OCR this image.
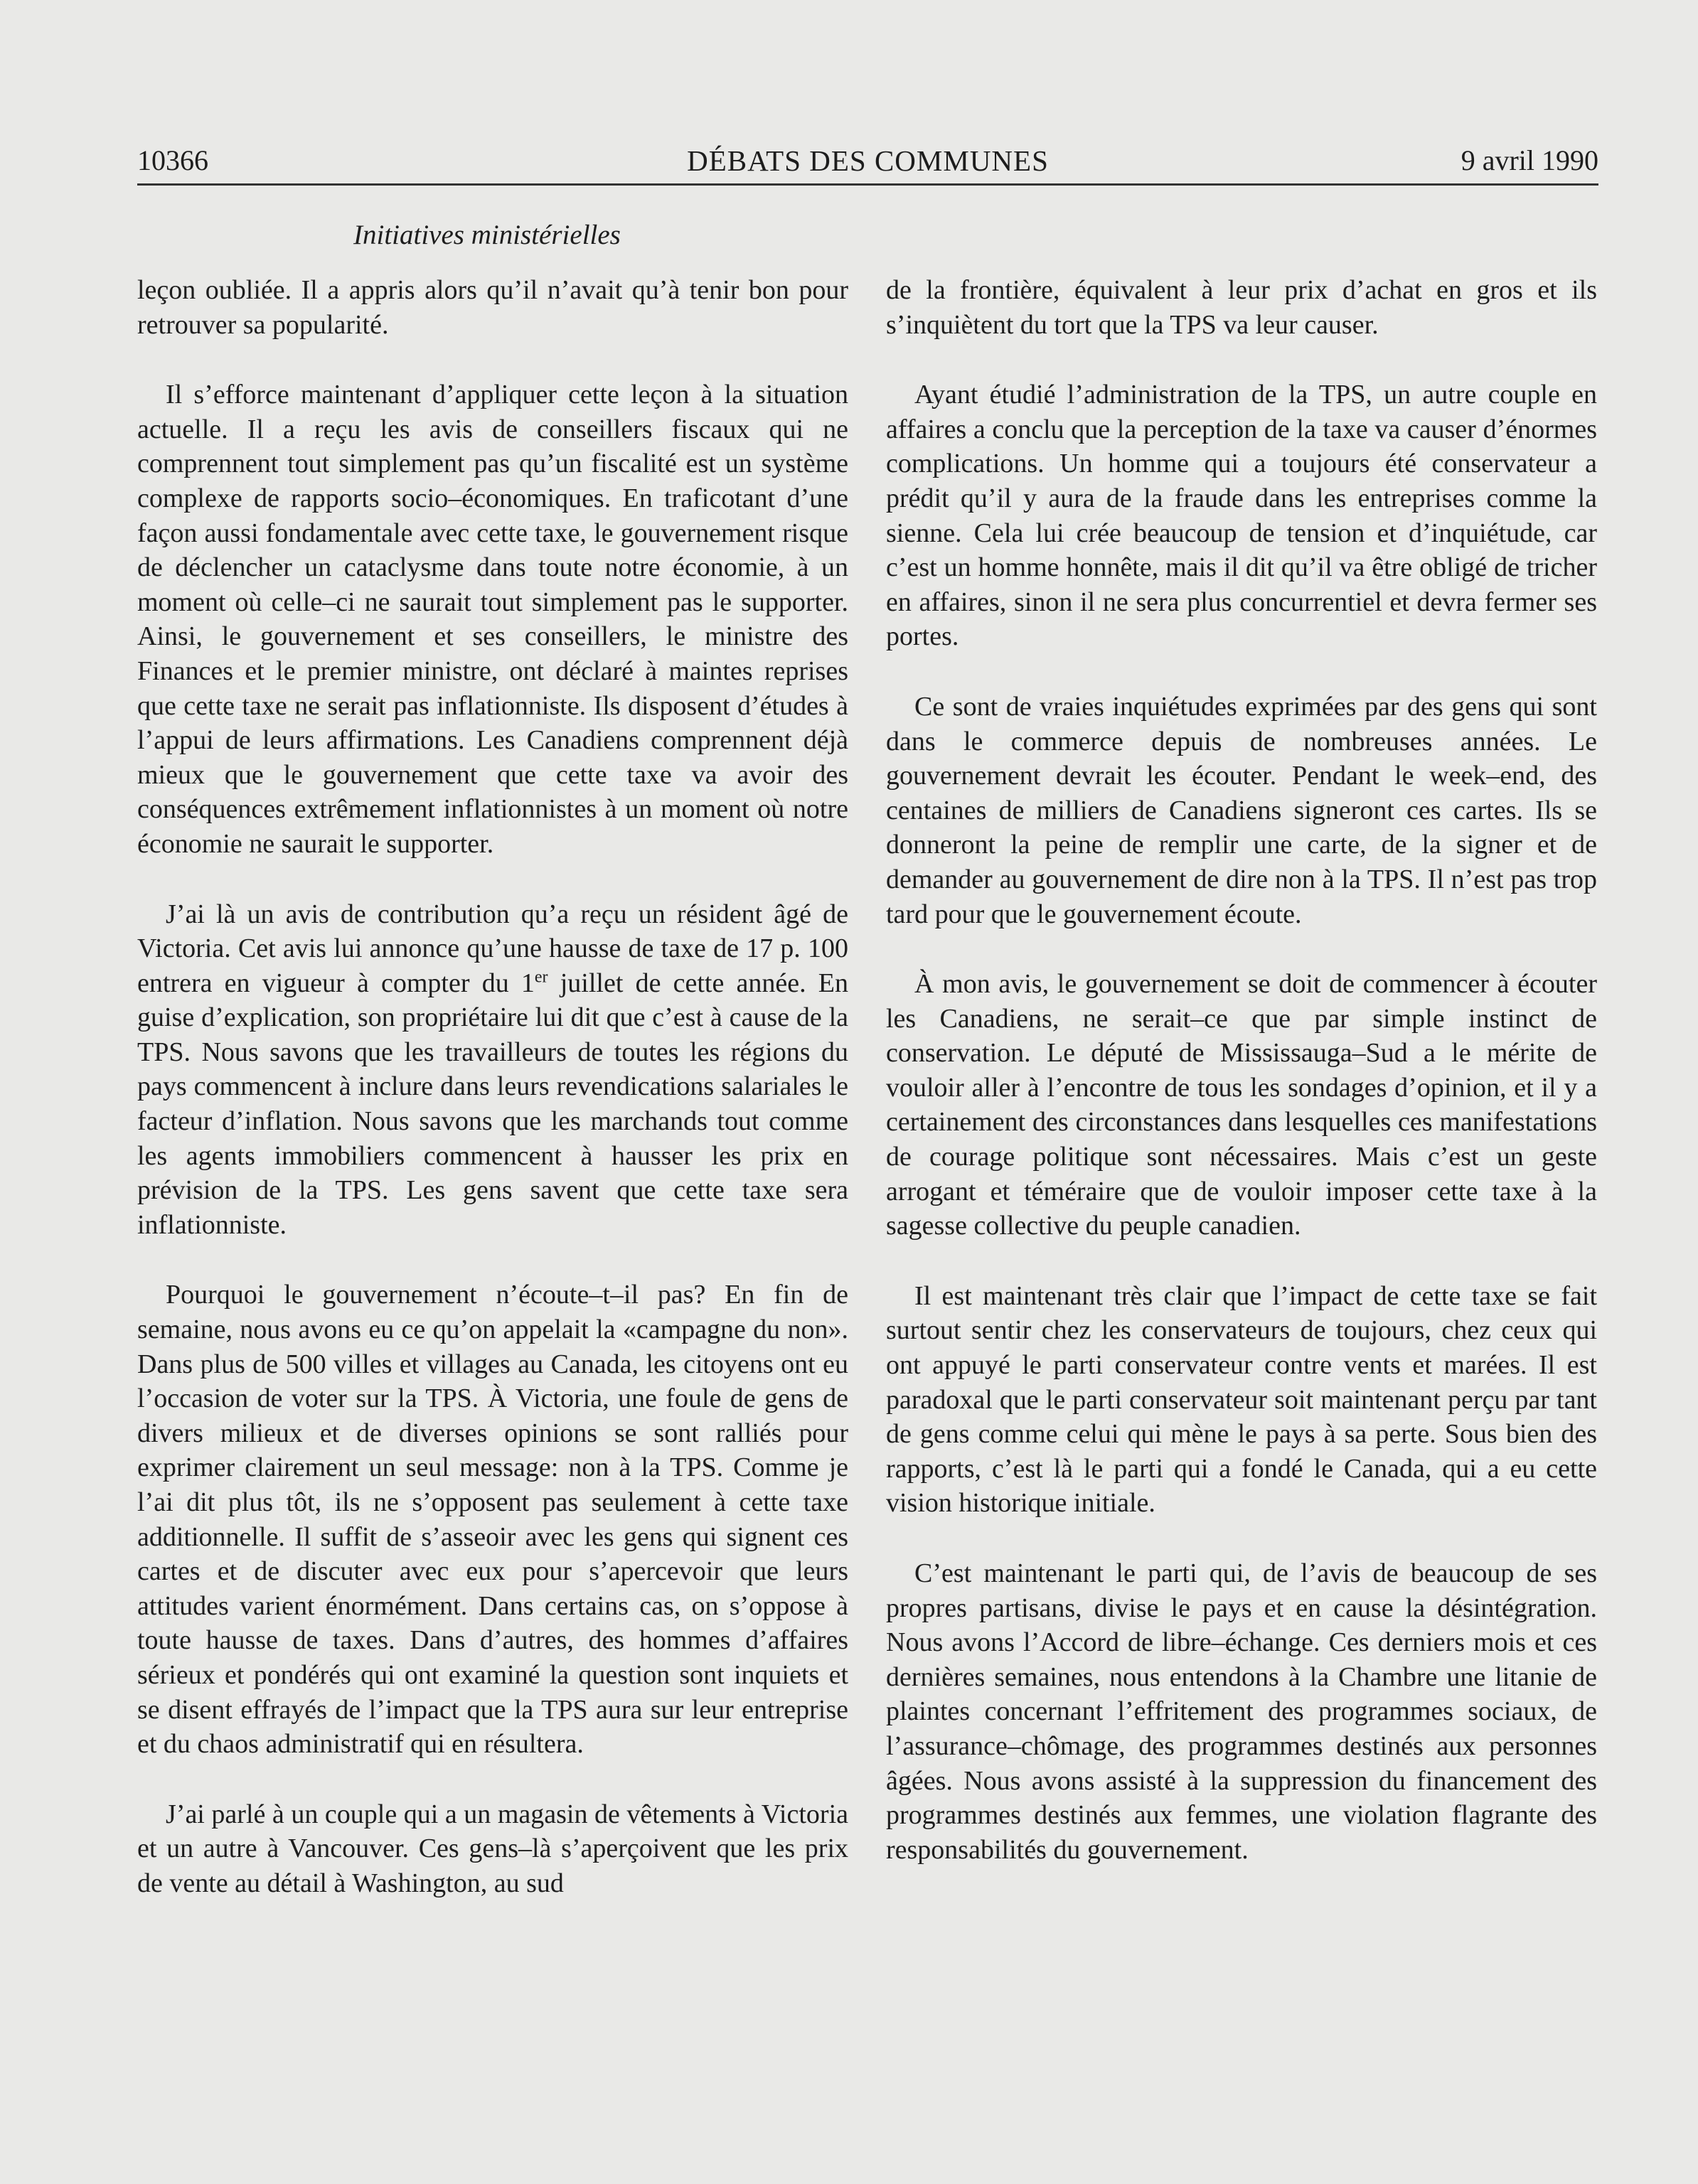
10366	DÉBATS DES COMMUNES	9 avril 1990
Initiatives ministérielles

leçon oubliée. Il a appris alors qu’il n’avait qu’à tenir bon pour retrouver sa popularité.

Il s’efforce maintenant d’appliquer cette leçon à la situation actuelle. Il a reçu les avis de conseillers fiscaux qui ne comprennent tout simplement pas qu’un fiscalité est un système complexe de rapports socio–économiques. En traficotant d’une façon aussi fondamentale avec cette taxe, le gouvernement risque de déclencher un cataclysme dans toute notre économie, à un moment où celle–ci ne saurait tout simplement pas le supporter. Ainsi, le gouvernement et ses conseillers, le ministre des Finances et le premier ministre, ont déclaré à maintes reprises que cette taxe ne serait pas inflationniste. Ils disposent d’études à l’appui de leurs affirmations. Les Canadiens comprennent déjà mieux que le gouvernement que cette taxe va avoir des conséquences extrêmement inflationnistes à un moment où notre économie ne saurait le supporter.

J’ai là un avis de contribution qu’a reçu un résident âgé de Victoria. Cet avis lui annonce qu’une hausse de taxe de 17 p. 100 entrera en vigueur à compter du 1er juillet de cette année. En guise d’explication, son propriétaire lui dit que c’est à cause de la TPS. Nous savons que les travailleurs de toutes les régions du pays commencent à inclure dans leurs revendications salariales le facteur d’inflation. Nous savons que les marchands tout comme les agents immobiliers commencent à hausser les prix en prévision de la TPS. Les gens savent que cette taxe sera inflationniste.

Pourquoi le gouvernement n’écoute–t–il pas? En fin de semaine, nous avons eu ce qu’on appelait la «campagne du non». Dans plus de 500 villes et villages au Canada, les citoyens ont eu l’occasion de voter sur la TPS. À Victoria, une foule de gens de divers milieux et de diverses opinions se sont ralliés pour exprimer clairement un seul message: non à la TPS. Comme je l’ai dit plus tôt, ils ne s’opposent pas seulement à cette taxe additionnelle. Il suffit de s’asseoir avec les gens qui signent ces cartes et de discuter avec eux pour s’apercevoir que leurs attitudes varient énormément. Dans certains cas, on s’oppose à toute hausse de taxes. Dans d’autres, des hommes d’affaires sérieux et pondérés qui ont examiné la question sont inquiets et se disent effrayés de l’impact que la TPS aura sur leur entreprise et du chaos administratif qui en résultera.

J’ai parlé à un couple qui a un magasin de vêtements à Victoria et un autre à Vancouver. Ces gens–là s’aperçoivent que les prix de vente au détail à Washington, au sud

de la frontière, équivalent à leur prix d’achat en gros et ils s’inquiètent du tort que la TPS va leur causer.

Ayant étudié l’administration de la TPS, un autre couple en affaires a conclu que la perception de la taxe va causer d’énormes complications. Un homme qui a toujours été conservateur a prédit qu’il y aura de la fraude dans les entreprises comme la sienne. Cela lui crée beaucoup de tension et d’inquiétude, car c’est un homme honnête, mais il dit qu’il va être obligé de tricher en affaires, sinon il ne sera plus concurrentiel et devra fermer ses portes.

Ce sont de vraies inquiétudes exprimées par des gens qui sont dans le commerce depuis de nombreuses années. Le gouvernement devrait les écouter. Pendant le week–end, des centaines de milliers de Canadiens signeront ces cartes. Ils se donneront la peine de remplir une carte, de la signer et de demander au gouvernement de dire non à la TPS. Il n’est pas trop tard pour que le gouvernement écoute.

À mon avis, le gouvernement se doit de commencer à écouter les Canadiens, ne serait–ce que par simple instinct de conservation. Le député de Mississauga–Sud a le mérite de vouloir aller à l’encontre de tous les sondages d’opinion, et il y a certainement des circonstances dans lesquelles ces manifestations de courage politique sont nécessaires. Mais c’est un geste arrogant et téméraire que de vouloir imposer cette taxe à la sagesse collective du peuple canadien.

Il est maintenant très clair que l’impact de cette taxe se fait surtout sentir chez les conservateurs de toujours, chez ceux qui ont appuyé le parti conservateur contre vents et marées. Il est paradoxal que le parti conservateur soit maintenant perçu par tant de gens comme celui qui mène le pays à sa perte. Sous bien des rapports, c’est là le parti qui a fondé le Canada, qui a eu cette vision historique initiale.

C’est maintenant le parti qui, de l’avis de beaucoup de ses propres partisans, divise le pays et en cause la désintégration. Nous avons l’Accord de libre–échange. Ces derniers mois et ces dernières semaines, nous entendons à la Chambre une litanie de plaintes concernant l’effritement des programmes sociaux, de l’assurance–chômage, des programmes destinés aux personnes âgées. Nous avons assisté à la suppression du financement des programmes destinés aux femmes, une violation flagrante des responsabilités du gouvernement.
